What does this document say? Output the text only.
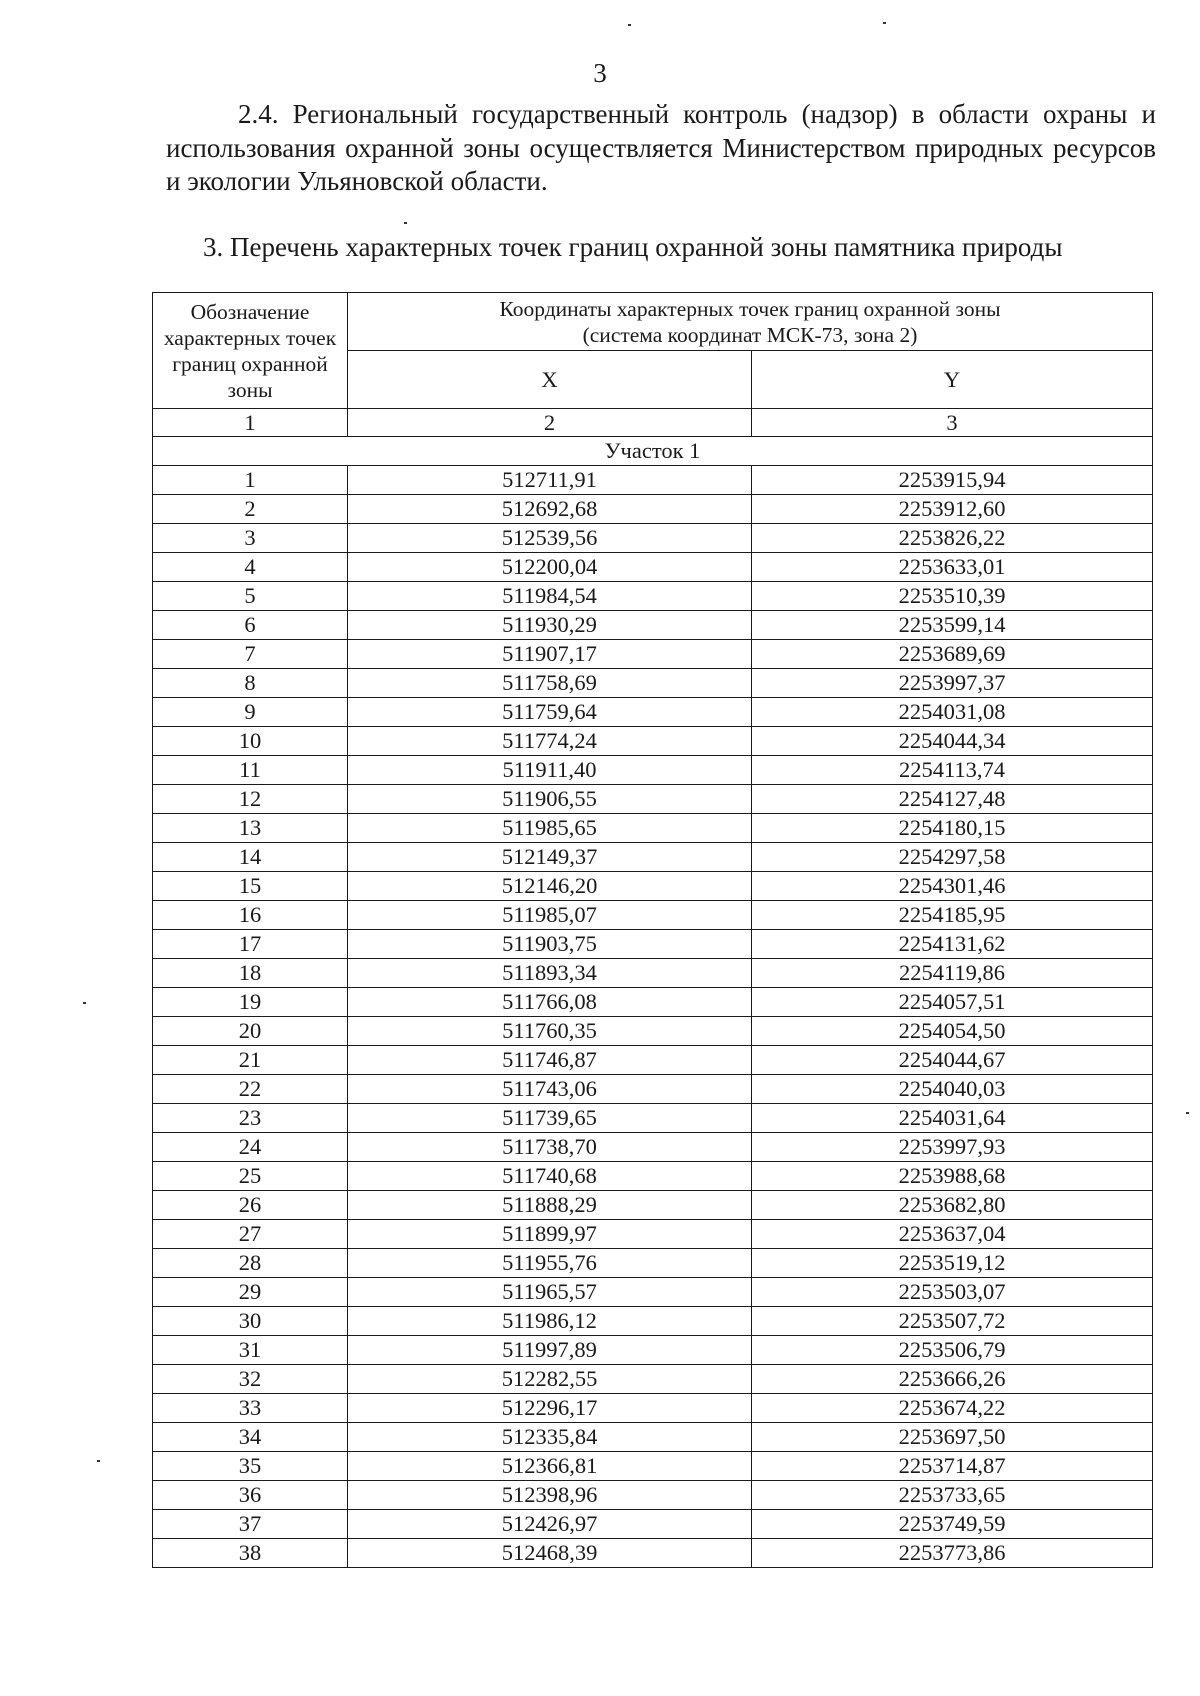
3
2.4. Региональный государственный контроль (надзор) в области охраны и использования охранной зоны осуществляется Министерством природных ресурсов и экологии Ульяновской области.
3. Перечень характерных точек границ охранной зоны памятника природы
Обозначение характерных точек границ охранной зоны	Координаты характерных точек границ охранной зоны
(система координат МСК-73, зона 2)	

	X	Y
1	2	3
Участок 1		
1	512711,91	2253915,94
2	512692,68	2253912,60
3	512539,56	2253826,22
4	512200,04	2253633,01
5	511984,54	2253510,39
6	511930,29	2253599,14
7	511907,17	2253689,69
8	511758,69	2253997,37
9	511759,64	2254031,08
10	511774,24	2254044,34
11	511911,40	2254113,74
12	511906,55	2254127,48
13	511985,65	2254180,15
14	512149,37	2254297,58
15	512146,20	2254301,46
16	511985,07	2254185,95
17	511903,75	2254131,62
18	511893,34	2254119,86
19	511766,08	2254057,51
20	511760,35	2254054,50
21	511746,87	2254044,67
22	511743,06	2254040,03
23	511739,65	2254031,64
24	511738,70	2253997,93
25	511740,68	2253988,68
26	511888,29	2253682,80
27	511899,97	2253637,04
28	511955,76	2253519,12
29	511965,57	2253503,07
30	511986,12	2253507,72
31	511997,89	2253506,79
32	512282,55	2253666,26
33	512296,17	2253674,22
34	512335,84	2253697,50
35	512366,81	2253714,87
36	512398,96	2253733,65
37	512426,97	2253749,59
38	512468,39	2253773,86
